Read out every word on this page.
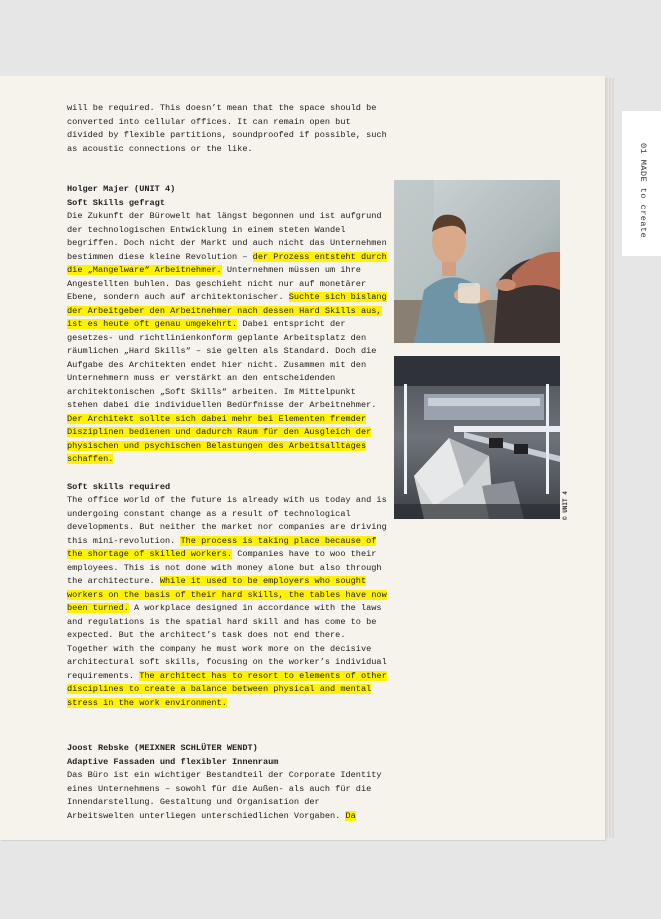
will be required. This doesn’t mean that the space should be converted into cellular offices. It can remain open but divided by flexible partitions, soundproofed if possible, such as acoustic connections or the like.

Holger Majer (UNIT 4)

Soft Skills gefragt

Die Zukunft der Bürowelt hat längst begonnen und ist aufgrund der technologischen Entwicklung in einem steten Wandel begriffen. Doch nicht der Markt und auch nicht das Unternehmen bestimmen diese kleine Revolution – der Prozess entsteht durch die „Mangelware“ Arbeitnehmer. Unternehmen müssen um ihre Angestellten buhlen. Das geschieht nicht nur auf monetärer Ebene, sondern auch auf architektonischer. Suchte sich bislang der Arbeitgeber den Arbeitnehmer nach dessen Hard Skills aus, ist es heute oft genau umgekehrt. Dabei entspricht der gesetzes- und richtlinienkonform geplante Arbeitsplatz den räumlichen „Hard Skills“ – sie gelten als Standard. Doch die Aufgabe des Architekten endet hier nicht. Zusammen mit den Unternehmern muss er verstärkt an den entscheidenden architektonischen „Soft Skills“ arbeiten. Im Mittelpunkt stehen dabei die individuellen Bedürfnisse der Arbeitnehmer. Der Architekt sollte sich dabei mehr bei Elementen fremder Disziplinen bedienen und dadurch Raum für den Ausgleich der physischen und psychischen Belastungen des Arbeitsalltages schaffen.

Soft skills required

The office world of the future is already with us today and is undergoing constant change as a result of technological developments. But neither the market nor companies are driving this mini-revolution. The process is taking place because of the shortage of skilled workers. Companies have to woo their employees. This is not done with money alone but also through the architecture. While it used to be employers who sought workers on the basis of their hard skills, the tables have now been turned. A workplace designed in accordance with the laws and regulations is the spatial hard skill and has come to be expected. But the architect’s task does not end there. Together with the company he must work more on the decisive architectural soft skills, focusing on the worker’s individual requirements. The architect has to resort to elements of other disciplines to create a balance between physical and mental stress in the work environment.

Joost Rebske (MEIXNER SCHLÜTER WENDT)

Adaptive Fassaden und flexibler Innenraum

Das Büro ist ein wichtiger Bestandteil der Corporate Identity eines Unternehmens – sowohl für die Außen- als auch für die Innendarstellung. Gestaltung und Organisation der Arbeitswelten unterliegen unterschiedlichen Vorgaben. Da

© UNIT 4
01 MADE to create
